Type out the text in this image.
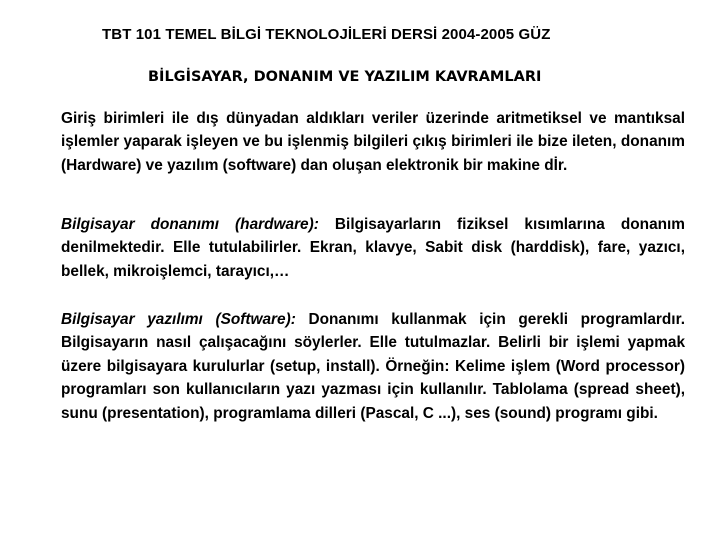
TBT 101 TEMEL BİLGİ TEKNOLOJİLERİ DERSİ 2004-2005 GÜZ
BİLGİSAYAR, DONANIM VE YAZILIM KAVRAMLARI

Giriş birimleri ile dış dünyadan aldıkları veriler üzerinde aritmetiksel ve mantıksal işlemler yaparak işleyen ve bu işlenmiş bilgileri çıkış birimleri ile bize ileten, donanım (Hardware) ve yazılım (software) dan oluşan elektronik bir makine dİr.

Bilgisayar donanımı (hardware): Bilgisayarların fiziksel kısımlarına donanım denilmektedir. Elle tutulabilirler. Ekran, klavye, Sabit disk (harddisk), fare, yazıcı, bellek, mikroişlemci, tarayıcı,…

Bilgisayar yazılımı (Software): Donanımı kullanmak için gerekli programlardır. Bilgisayarın nasıl çalışacağını söylerler. Elle tutulmazlar. Belirli bir işlemi yapmak üzere bilgisayara kurulurlar (setup, install). Örneğin: Kelime işlem (Word processor) programları son kullanıcıların yazı yazması için kullanılır. Tablolama (spread sheet), sunu (presentation), programlama dilleri (Pascal, C ...), ses (sound) programı gibi.
